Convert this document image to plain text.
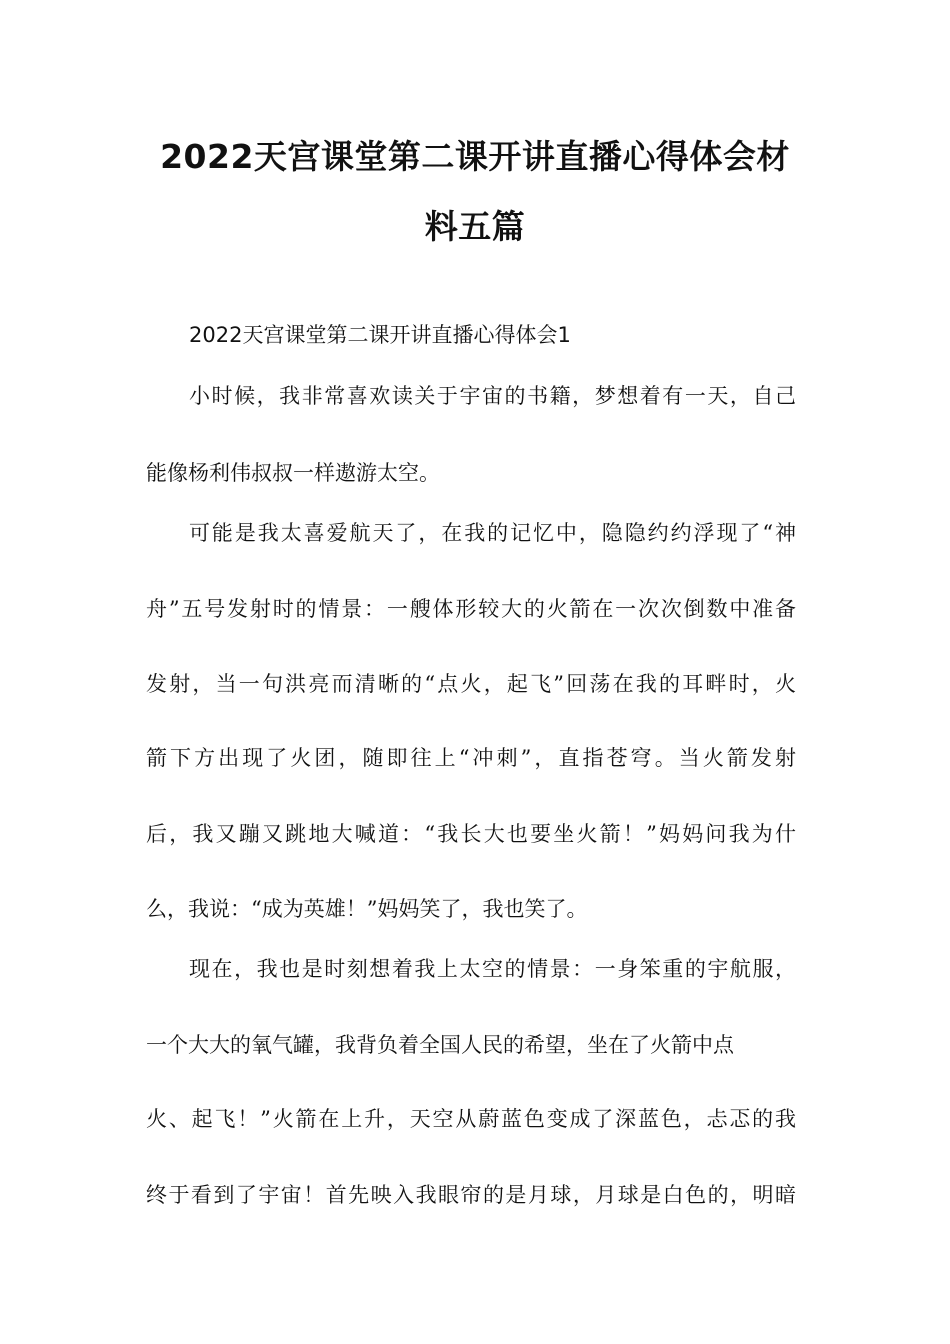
2022天宫课堂第二课开讲直播心得体会材
料五篇
2022天宫课堂第二课开讲直播心得体会1
小时候，我非常喜欢读关于宇宙的书籍，梦想着有一天，自己
能像杨利伟叔叔一样遨游太空。
可能是我太喜爱航天了，在我的记忆中，隐隐约约浮现了“神
舟”五号发射时的情景：一艘体形较大的火箭在一次次倒数中准备
发射，当一句洪亮而清晰的“点火，起飞”回荡在我的耳畔时，火
箭下方出现了火团，随即往上“冲刺”，直指苍穹。当火箭发射
后，我又蹦又跳地大喊道：“我长大也要坐火箭！”妈妈问我为什
么，我说：“成为英雄！”妈妈笑了，我也笑了。
现在，我也是时刻想着我上太空的情景：一身笨重的宇航服，
一个大大的氧气罐，我背负着全国人民的希望，坐在了火箭中点
火、起飞！”火箭在上升，天空从蔚蓝色变成了深蓝色，忐忑的我
终于看到了宇宙！首先映入我眼帘的是月球，月球是白色的，明暗
